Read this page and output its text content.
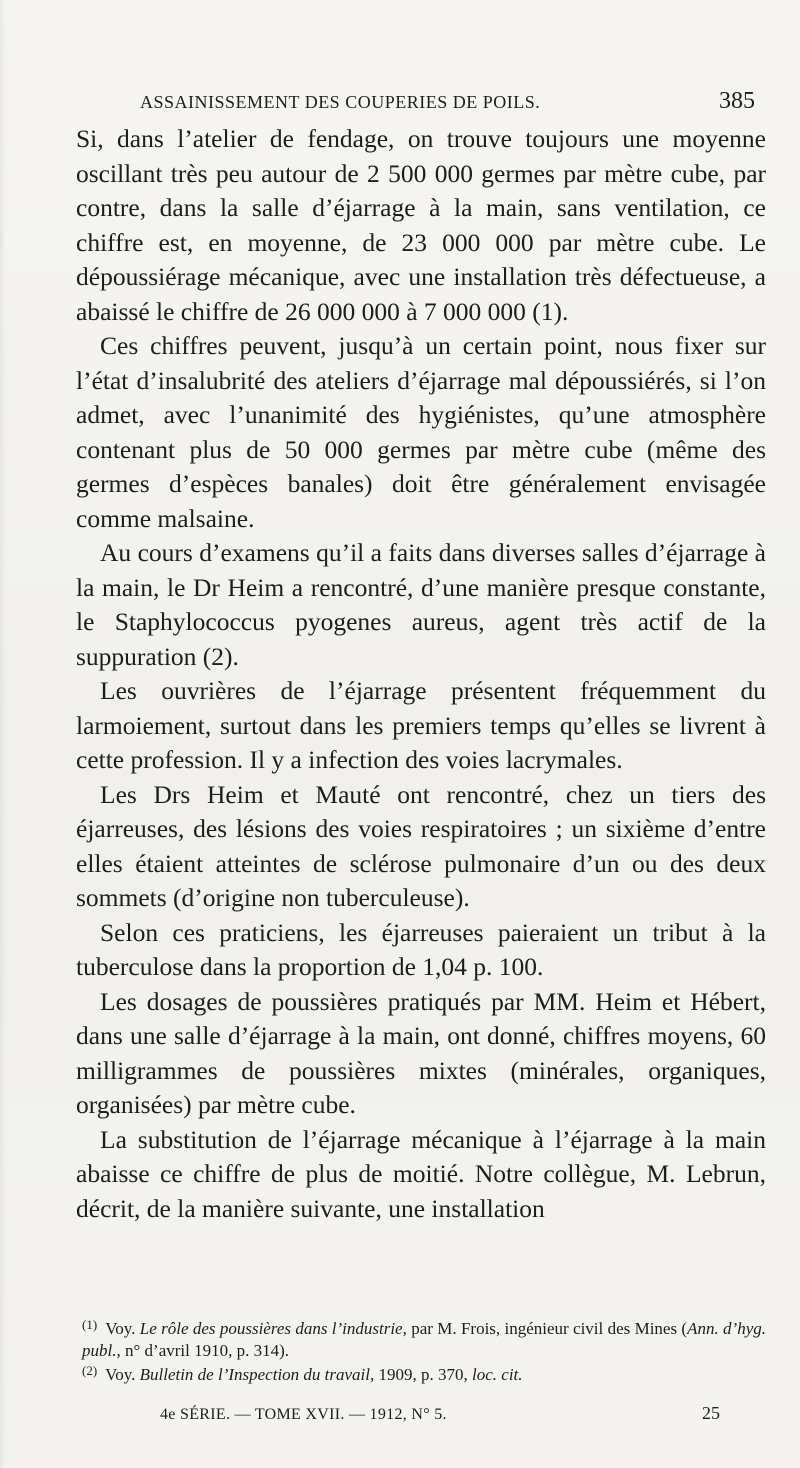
ASSAINISSEMENT DES COUPERIES DE POILS.	385

Si, dans l’atelier de fendage, on trouve toujours une moyenne oscillant très peu autour de 2 500 000 germes par mètre cube, par contre, dans la salle d’éjarrage à la main, sans ventilation, ce chiffre est, en moyenne, de 23 000 000 par mètre cube. Le dépoussiérage mécanique, avec une installation très défectueuse, a abaissé le chiffre de 26 000 000 à 7 000 000 (1).

Ces chiffres peuvent, jusqu’à un certain point, nous fixer sur l’état d’insalubrité des ateliers d’éjarrage mal dépoussiérés, si l’on admet, avec l’unanimité des hygiénistes, qu’une atmosphère contenant plus de 50 000 germes par mètre cube (même des germes d’espèces banales) doit être généralement envisagée comme malsaine.

Au cours d’examens qu’il a faits dans diverses salles d’éjarrage à la main, le Dr Heim a rencontré, d’une manière presque constante, le Staphylococcus pyogenes aureus, agent très actif de la suppuration (2).

Les ouvrières de l’éjarrage présentent fréquemment du larmoiement, surtout dans les premiers temps qu’elles se livrent à cette profession. Il y a infection des voies lacrymales.

Les Drs Heim et Mauté ont rencontré, chez un tiers des éjarreuses, des lésions des voies respiratoires ; un sixième d’entre elles étaient atteintes de sclérose pulmonaire d’un ou des deux sommets (d’origine non tuberculeuse).

Selon ces praticiens, les éjarreuses paieraient un tribut à la tuberculose dans la proportion de 1,04 p. 100.

Les dosages de poussières pratiqués par MM. Heim et Hébert, dans une salle d’éjarrage à la main, ont donné, chiffres moyens, 60 milligrammes de poussières mixtes (minérales, organiques, organisées) par mètre cube.

La substitution de l’éjarrage mécanique à l’éjarrage à la main abaisse ce chiffre de plus de moitié. Notre collègue, M. Lebrun, décrit, de la manière suivante, une installation

$^{(1)}$ Voy. Le rôle des poussières dans l’industrie, par M. Frois, ingénieur civil des Mines (Ann. d’hyg. publ., n° d’avril 1910, p. 314).

$^{(2)}$ Voy. Bulletin de l’Inspection du travail, 1909, p. 370, loc. cit.

4e SÉRIE. — TOME XVII. — 1912, N° 5.	25
